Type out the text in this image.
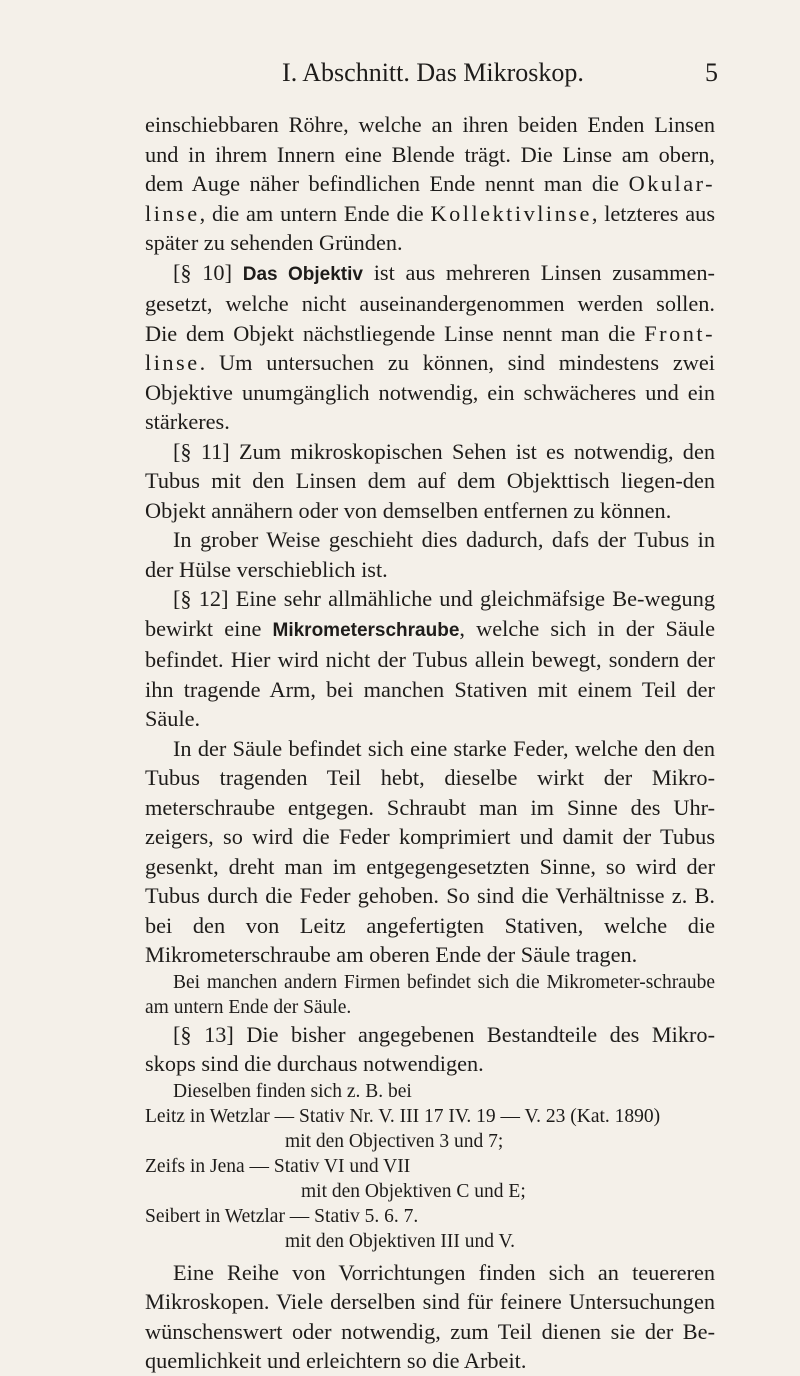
I. Abschnitt. Das Mikroskop.	5

einschiebbaren Röhre, welche an ihren beiden Enden Linsen und in ihrem Innern eine Blende trägt. Die Linse am obern, dem Auge näher befindlichen Ende nennt man die Okular-linse, die am untern Ende die Kollektivlinse, letzteres aus später zu sehenden Gründen.

[§ 10] Das Objektiv ist aus mehreren Linsen zusammen-gesetzt, welche nicht auseinandergenommen werden sollen. Die dem Objekt nächstliegende Linse nennt man die Front-linse. Um untersuchen zu können, sind mindestens zwei Objektive unumgänglich notwendig, ein schwächeres und ein stärkeres.

[§ 11] Zum mikroskopischen Sehen ist es notwendig, den Tubus mit den Linsen dem auf dem Objekttisch liegen-den Objekt annähern oder von demselben entfernen zu können.

In grober Weise geschieht dies dadurch, dafs der Tubus in der Hülse verschieblich ist.

[§ 12] Eine sehr allmähliche und gleichmäfsige Be-wegung bewirkt eine Mikrometerschraube, welche sich in der Säule befindet. Hier wird nicht der Tubus allein bewegt, sondern der ihn tragende Arm, bei manchen Stativen mit einem Teil der Säule.

In der Säule befindet sich eine starke Feder, welche den den Tubus tragenden Teil hebt, dieselbe wirkt der Mikro-meterschraube entgegen. Schraubt man im Sinne des Uhr-zeigers, so wird die Feder komprimiert und damit der Tubus gesenkt, dreht man im entgegengesetzten Sinne, so wird der Tubus durch die Feder gehoben. So sind die Verhältnisse z. B. bei den von Leitz angefertigten Stativen, welche die Mikrometerschraube am oberen Ende der Säule tragen.

Bei manchen andern Firmen befindet sich die Mikrometer-schraube am untern Ende der Säule.

[§ 13] Die bisher angegebenen Bestandteile des Mikro-skops sind die durchaus notwendigen.

Dieselben finden sich z. B. bei

Leitz in Wetzlar — Stativ Nr. V. III 17 IV. 19 — V. 23 (Kat. 1890)
mit den Objectiven 3 und 7;
Zeifs in Jena — Stativ VI und VII
mit den Objektiven C und E;
Seibert in Wetzlar — Stativ 5. 6. 7.
mit den Objektiven III und V.

Eine Reihe von Vorrichtungen finden sich an teuereren Mikroskopen. Viele derselben sind für feinere Untersuchungen wünschenswert oder notwendig, zum Teil dienen sie der Be-quemlichkeit und erleichtern so die Arbeit.
